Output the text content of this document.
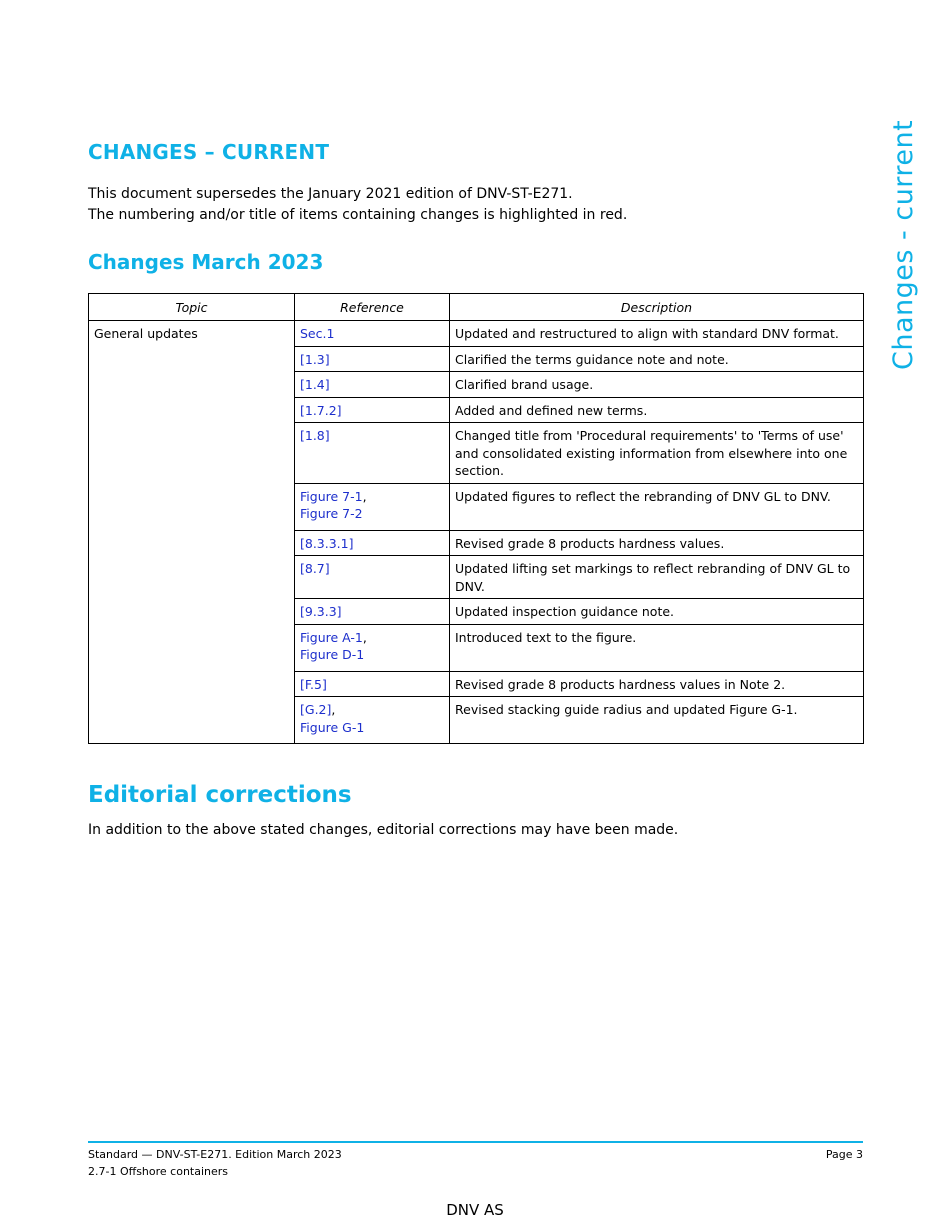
CHANGES – CURRENT

This document supersedes the January 2021 edition of DNV-ST-E271.

The numbering and/or title of items containing changes is highlighted in red.

Changes March 2023
Topic	Reference	Description
General updates	Sec.1	Updated and restructured to align with standard DNV format.
	[1.3]	Clarified the terms guidance note and note.
	[1.4]	Clarified brand usage.
	[1.7.2]	Added and defined new terms.
	[1.8]	Changed title from 'Procedural requirements' to 'Terms of use' and consolidated existing information from elsewhere into one section.
	Figure 7-1,
Figure 7-2	Updated figures to reflect the rebranding of DNV GL to DNV.
	[8.3.3.1]	Revised grade 8 products hardness values.
	[8.7]	Updated lifting set markings to reflect rebranding of DNV GL to DNV.
	[9.3.3]	Updated inspection guidance note.
	Figure A-1,
Figure D-1	Introduced text to the figure.
	[F.5]	Revised grade 8 products hardness values in Note 2.
	[G.2],
Figure G-1	Revised stacking guide radius and updated Figure G-1.
Editorial corrections

In addition to the above stated changes, editorial corrections may have been made.

Changes - current
Standard — DNV-ST-E271. Edition March 2023
2.7-1 Offshore containers
Page 3
DNV AS
